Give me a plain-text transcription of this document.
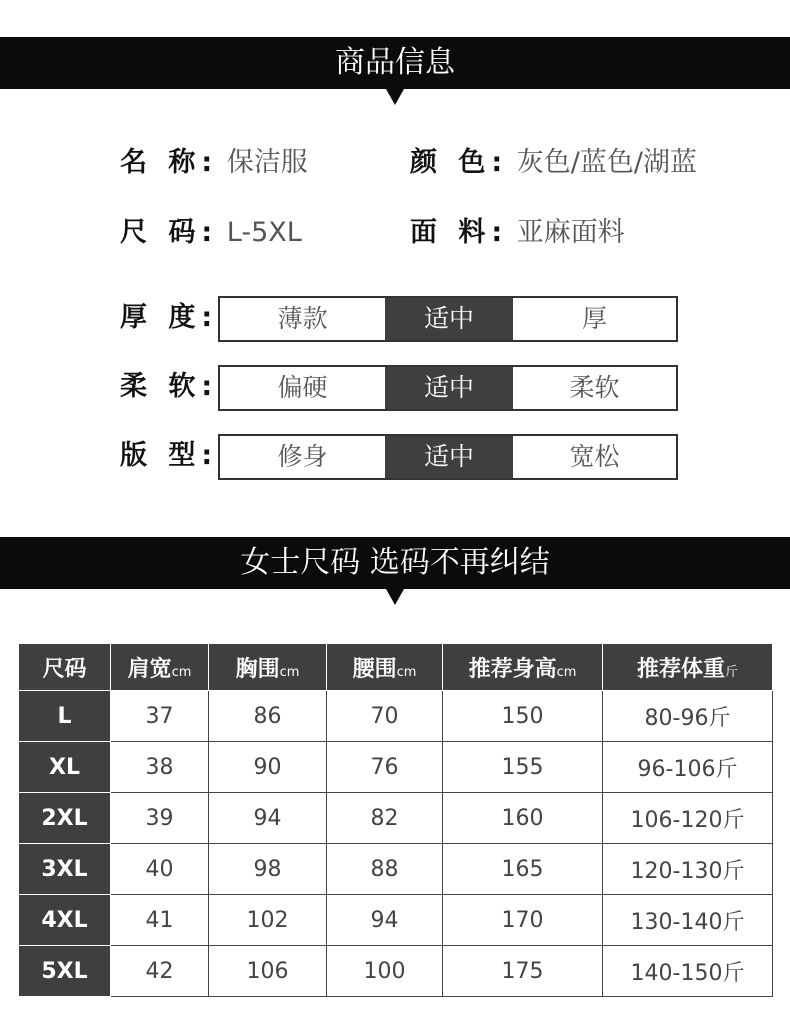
商品信息
名 称: 保洁服	颜 色: 灰色/蓝色/湖蓝
尺 码: L-5XL	面 料: 亚麻面料
厚 度:	薄款	适中	厚
柔 软:	偏硬	适中	柔软
版 型:	修身	适中	宽松
女士尺码 选码不再纠结
尺码	肩宽cm	胸围cm	腰围cm	推荐身高cm	推荐体重斤
L	37	86	70	150	80-96斤
XL	38	90	76	155	96-106斤
2XL	39	94	82	160	106-120斤
3XL	40	98	88	165	120-130斤
4XL	41	102	94	170	130-140斤
5XL	42	106	100	175	140-150斤
